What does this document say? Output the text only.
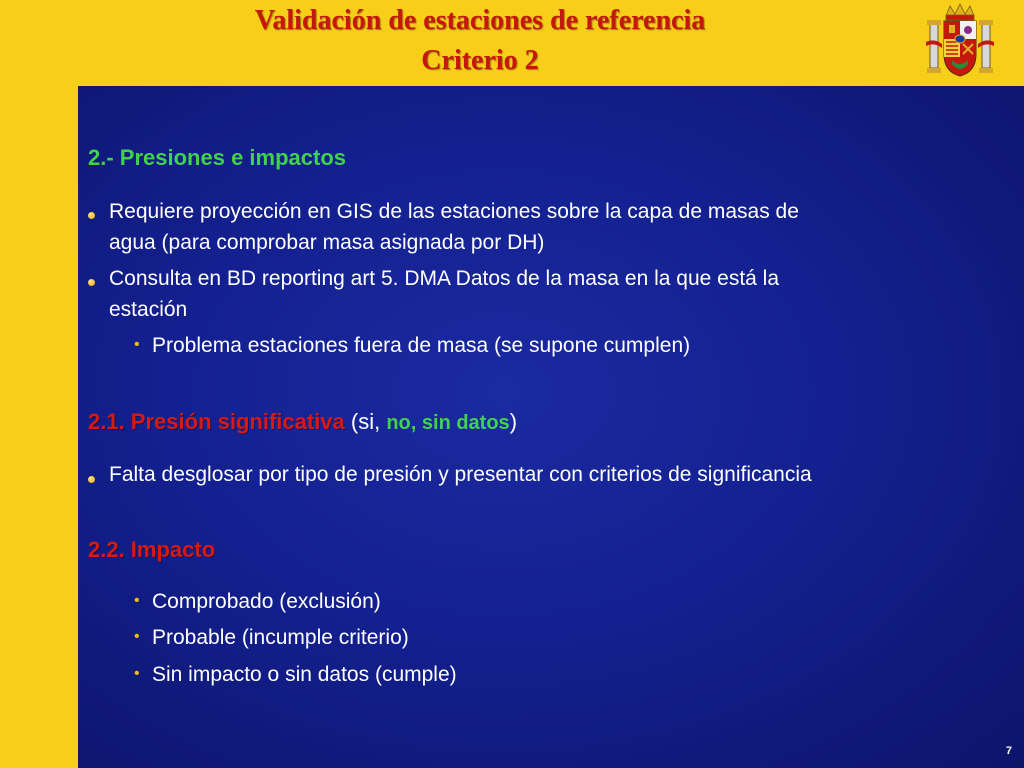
Validación de estaciones de referencia
Criterio 2
2.- Presiones e impactos
Requiere proyección en GIS de las estaciones sobre la capa de masas de
agua (para comprobar masa asignada por DH)
Consulta en BD reporting art 5. DMA Datos de la masa en la que está la
estación
• Problema estaciones fuera de masa (se supone cumplen)
2.1. Presión significativa (si, no, sin datos)
Falta desglosar por tipo de presión y presentar con criterios de significancia
2.2. Impacto
• Comprobado (exclusión)
• Probable (incumple criterio)
• Sin impacto o sin datos (cumple)
7
